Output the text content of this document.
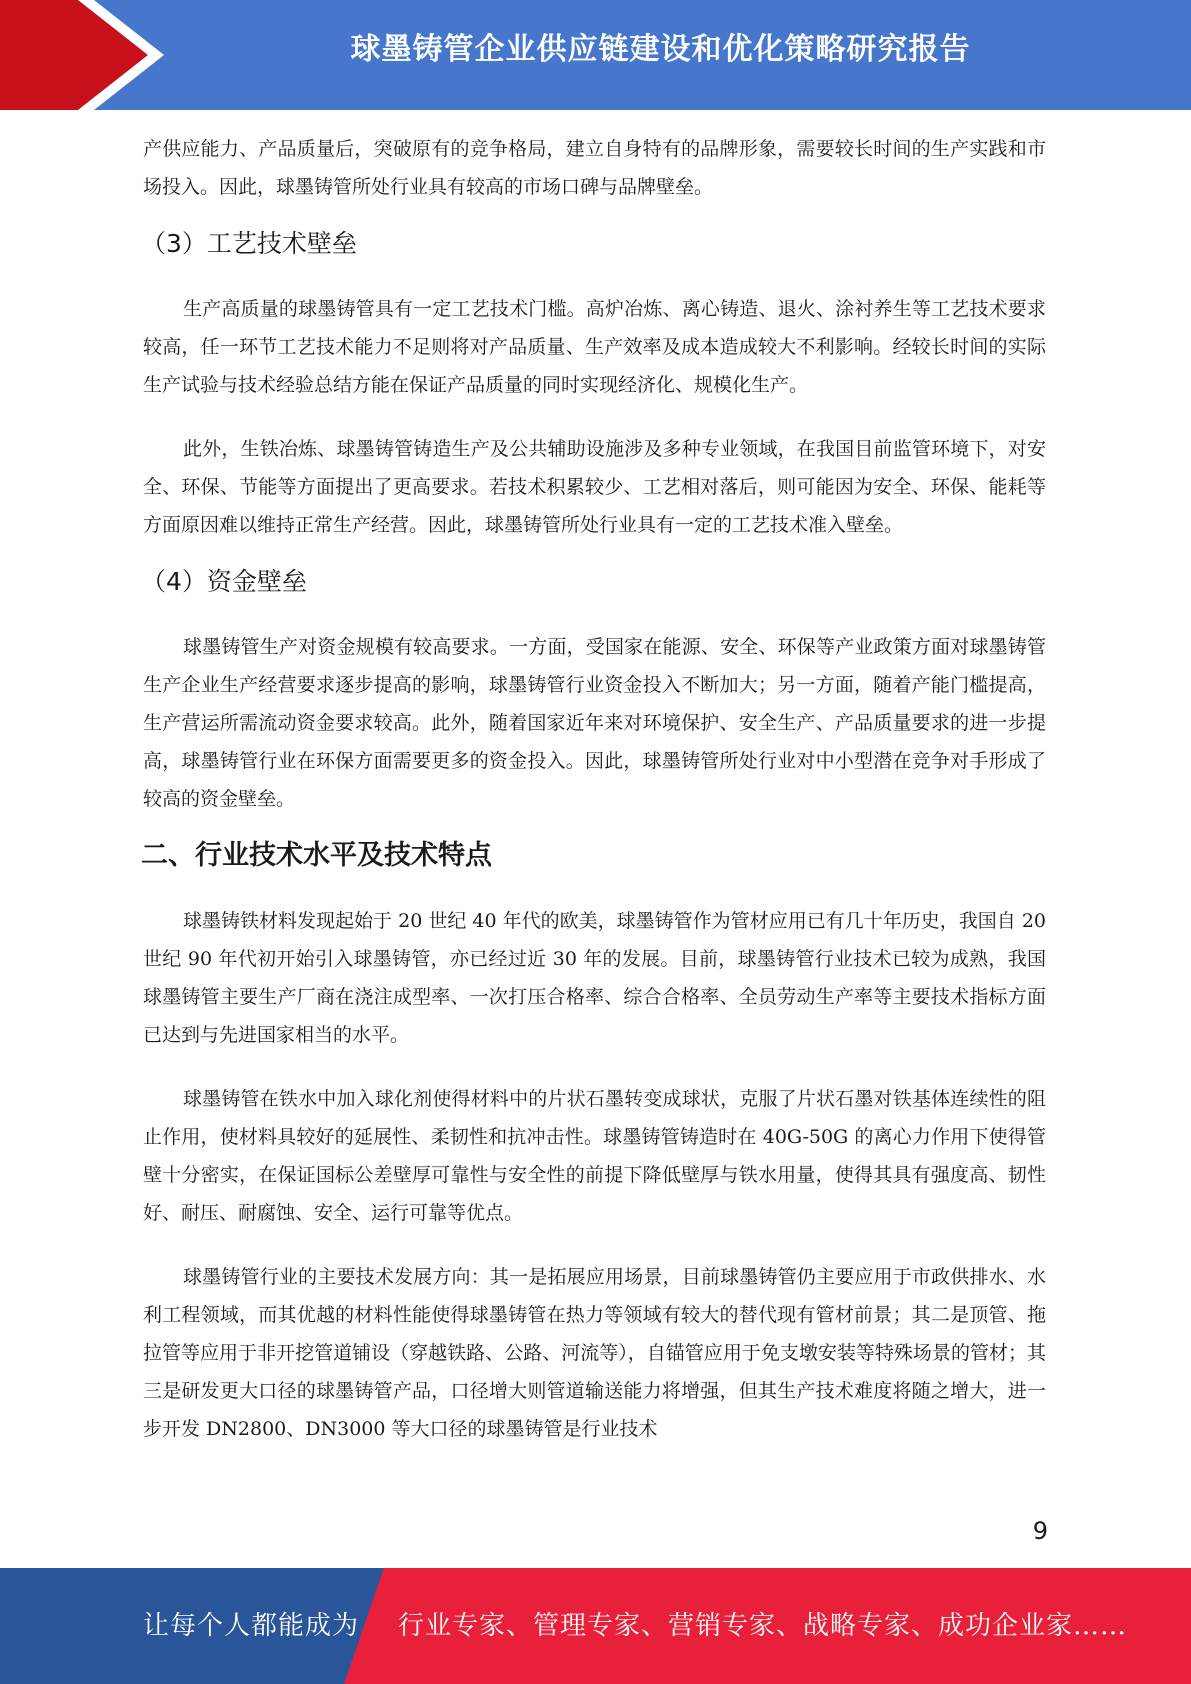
球墨铸管企业供应链建设和优化策略研究报告

产供应能力、产品质量后，突破原有的竞争格局，建立自身特有的品牌形象，需要较长时间的生产实践和市场投入。因此，球墨铸管所处行业具有较高的市场口碑与品牌壁垒。

（3）工艺技术壁垒

生产高质量的球墨铸管具有一定工艺技术门槛。高炉冶炼、离心铸造、退火、涂衬养生等工艺技术要求较高，任一环节工艺技术能力不足则将对产品质量、生产效率及成本造成较大不利影响。经较长时间的实际生产试验与技术经验总结方能在保证产品质量的同时实现经济化、规模化生产。

此外，生铁冶炼、球墨铸管铸造生产及公共辅助设施涉及多种专业领域，在我国目前监管环境下，对安全、环保、节能等方面提出了更高要求。若技术积累较少、工艺相对落后，则可能因为安全、环保、能耗等方面原因难以维持正常生产经营。因此，球墨铸管所处行业具有一定的工艺技术准入壁垒。

（4）资金壁垒

球墨铸管生产对资金规模有较高要求。一方面，受国家在能源、安全、环保等产业政策方面对球墨铸管生产企业生产经营要求逐步提高的影响，球墨铸管行业资金投入不断加大；另一方面，随着产能门槛提高，生产营运所需流动资金要求较高。此外，随着国家近年来对环境保护、安全生产、产品质量要求的进一步提高，球墨铸管行业在环保方面需要更多的资金投入。因此，球墨铸管所处行业对中小型潜在竞争对手形成了较高的资金壁垒。

二、行业技术水平及技术特点

球墨铸铁材料发现起始于 20 世纪 40 年代的欧美，球墨铸管作为管材应用已有几十年历史，我国自 20 世纪 90 年代初开始引入球墨铸管，亦已经过近 30 年的发展。目前，球墨铸管行业技术已较为成熟，我国球墨铸管主要生产厂商在浇注成型率、一次打压合格率、综合合格率、全员劳动生产率等主要技术指标方面已达到与先进国家相当的水平。

球墨铸管在铁水中加入球化剂使得材料中的片状石墨转变成球状，克服了片状石墨对铁基体连续性的阻止作用，使材料具较好的延展性、柔韧性和抗冲击性。球墨铸管铸造时在 40G-50G 的离心力作用下使得管壁十分密实，在保证国标公差壁厚可靠性与安全性的前提下降低壁厚与铁水用量，使得其具有强度高、韧性好、耐压、耐腐蚀、安全、运行可靠等优点。

球墨铸管行业的主要技术发展方向：其一是拓展应用场景，目前球墨铸管仍主要应用于市政供排水、水利工程领域，而其优越的材料性能使得球墨铸管在热力等领域有较大的替代现有管材前景；其二是顶管、拖拉管等应用于非开挖管道铺设（穿越铁路、公路、河流等），自锚管应用于免支墩安装等特殊场景的管材；其三是研发更大口径的球墨铸管产品，口径增大则管道输送能力将增强，但其生产技术难度将随之增大，进一步开发 DN2800、DN3000 等大口径的球墨铸管是行业技术

9
让每个人都能成为 行业专家、管理专家、营销专家、战略专家、成功企业家……
